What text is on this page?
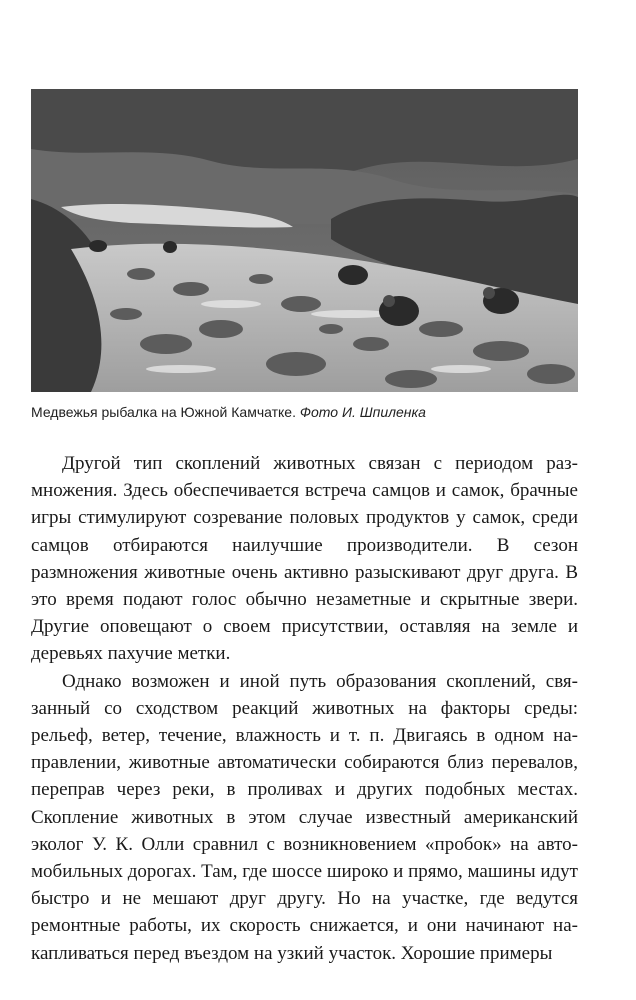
Медвежья рыбалка на Южной Камчатке. Фото И. Шпиленка

Другой тип скоплений животных связан с периодом размножения. Здесь обеспечивается встреча самцов и самок, брачные игры стимулируют созревание половых продуктов у самок, среди самцов отбираются наилучшие производители. В сезон размножения животные очень активно разыскивают друг друга. В это время подают голос обычно незаметные и скрытные звери. Другие оповещают о своем присутствии, оставляя на земле и деревьях пахучие метки.

Однако возможен и иной путь образования скоплений, связанный со сходством реакций животных на факторы среды: рельеф, ветер, течение, влажность и т. п. Двигаясь в одном направлении, животные автоматически собираются близ перевалов, переправ через реки, в проливах и других подобных местах. Скопление животных в этом случае известный американский эколог У. К. Олли сравнил с возникновением «пробок» на автомобильных дорогах. Там, где шоссе широко и прямо, машины идут быстро и не мешают друг другу. Но на участке, где ведутся ремонтные работы, их скорость снижается, и они начинают накапливаться перед въездом на узкий участок. Хорошие примеры
